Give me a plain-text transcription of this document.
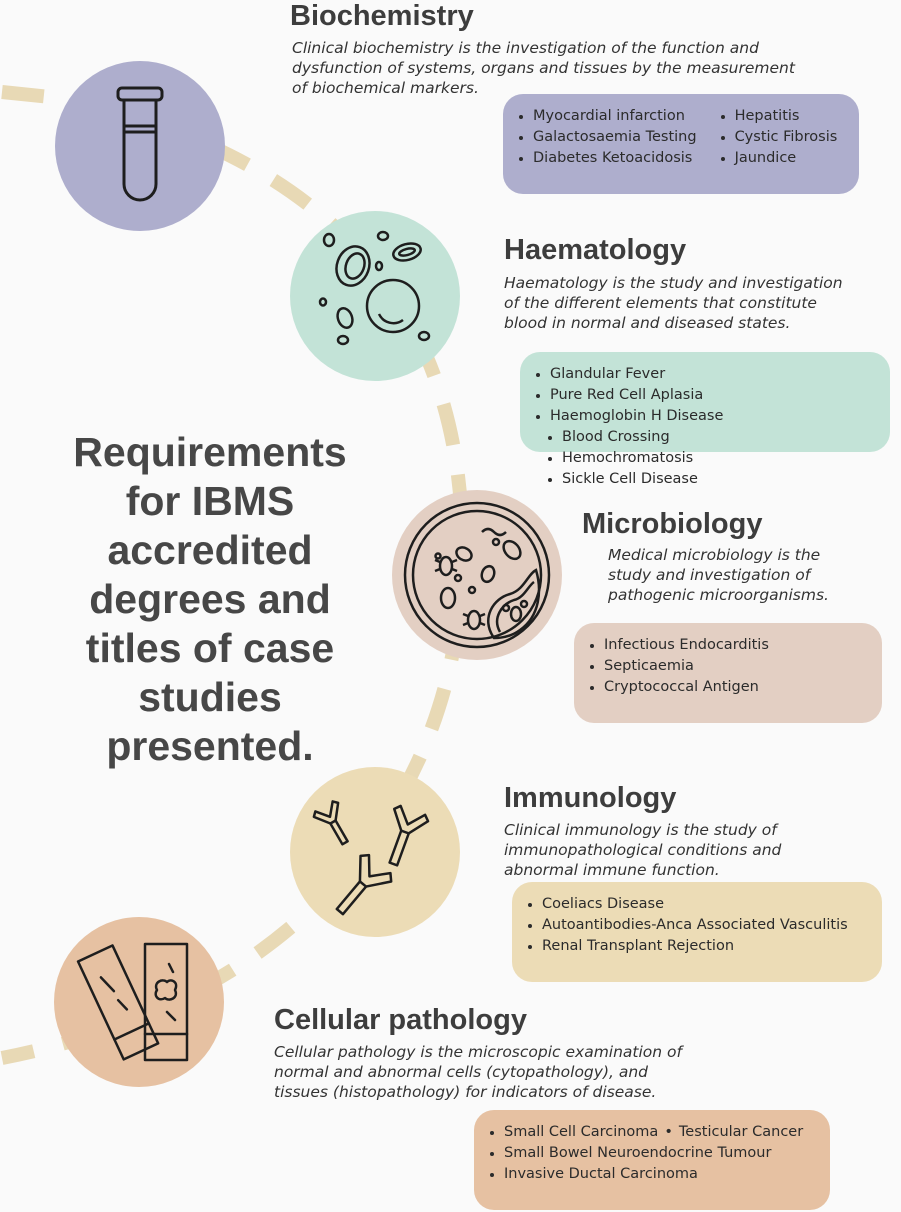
Biochemistry
Clinical biochemistry is the investigation of the function and
dysfunction of systems, organs and tissues by the measurement
of biochemical markers.
Myocardial infarction
Galactosaemia Testing
Diabetes Ketoacidosis
Hepatitis
Cystic Fibrosis
Jaundice
Haematology
Haematology is the study and investigation
of the different elements that constitute
blood in normal and diseased states.
Glandular Fever
Pure Red Cell Aplasia
Haemoglobin H Disease
Blood Crossing
Hemochromatosis
Sickle Cell Disease
Requirements
for IBMS
accredited
degrees and
titles of case
studies
presented.
Microbiology
Medical microbiology is the
study and investigation of
pathogenic microorganisms.
Infectious Endocarditis
Septicaemia
Cryptococcal Antigen
Immunology
Clinical immunology is the study of
immunopathological conditions and
abnormal immune function.
Coeliacs Disease
Autoantibodies-Anca Associated Vasculitis
Renal Transplant Rejection
Cellular pathology
Cellular pathology is the microscopic examination of
normal and abnormal cells (cytopathology), and
tissues (histopathology) for indicators of disease.
Small Cell Carcinoma • Testicular Cancer
Small Bowel Neuroendocrine Tumour
Invasive Ductal Carcinoma
